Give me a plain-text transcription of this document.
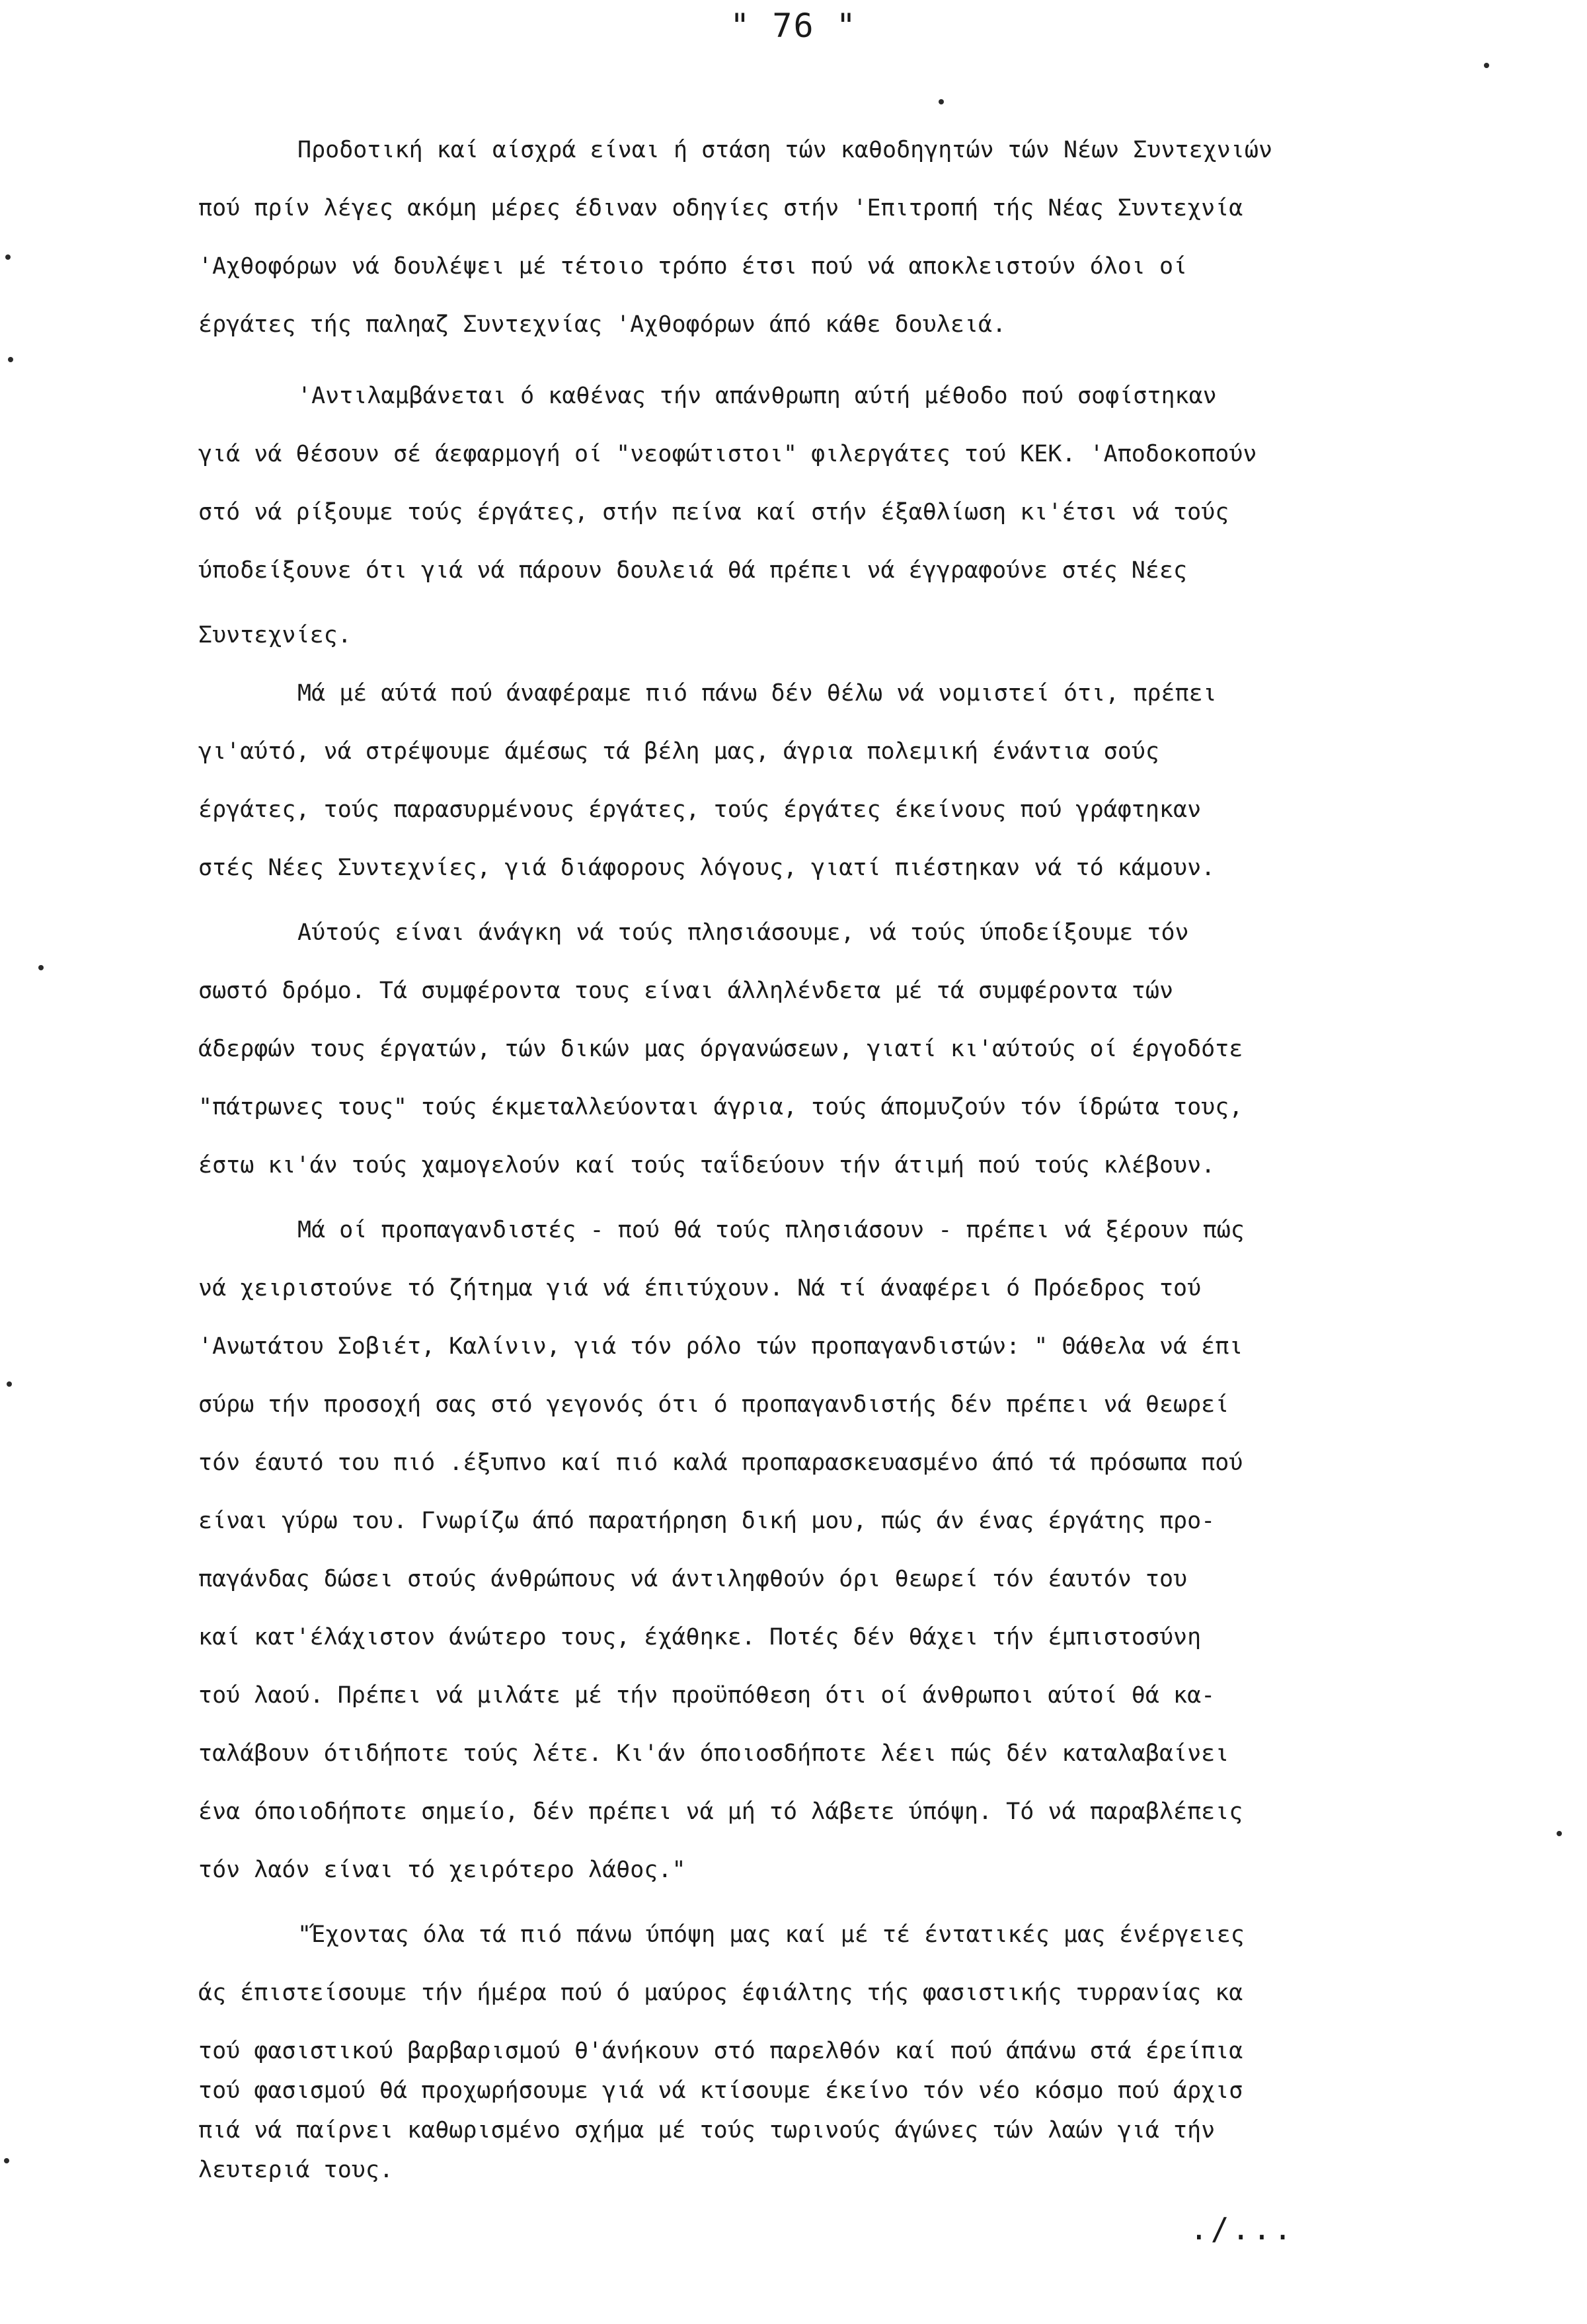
" 76 "
Προδοτική καί αίσχρά είναι ή στάση τών καθοδηγητών τών Νέων Συντεχνιών
πού πρίν λέγες ακόμη μέρες έδιναν οδηγίες στήν 'Επιτροπή τής Νέας Συντεχνία
'Αχθοφόρων νά δουλέψει μέ τέτοιο τρόπο έτσι πού νά αποκλειστούν όλοι οί
έργάτες τής παληαζ Συντεχνίας 'Αχθοφόρων άπό κάθε δουλειά.
'Αντιλαμβάνεται ό καθένας τήν απάνθρωπη αύτή μέθοδο πού σοφίστηκαν
γιά νά θέσουν σέ άεφαρμογή οί "νεοφώτιστοι" φιλεργάτες τού ΚΕΚ. 'Αποδοκοπούν
στό νά ρίξουμε τούς έργάτες, στήν πείνα καί στήν έξαθλίωση κι'έτσι νά τούς
ύποδείξουνε ότι γιά νά πάρουν δουλειά θά πρέπει νά έγγραφούνε στές Νέες
Συντεχνίες.
Μά μέ αύτά πού άναφέραμε πιό πάνω δέν θέλω νά νομιστεί ότι, πρέπει
γι'αύτό, νά στρέψουμε άμέσως τά βέλη μας, άγρια πολεμική ένάντια σούς
έργάτες, τούς παρασυρμένους έργάτες, τούς έργάτες έκείνους πού γράφτηκαν
στές Νέες Συντεχνίες, γιά διάφορους λόγους, γιατί πιέστηκαν νά τό κάμουν.
Αύτούς είναι άνάγκη νά τούς πλησιάσουμε, νά τούς ύποδείξουμε τόν
σωστό δρόμο. Τά συμφέροντα τους είναι άλληλένδετα μέ τά συμφέροντα τών
άδερφών τους έργατών, τών δικών μας όργανώσεων, γιατί κι'αύτούς οί έργοδότε
"πάτρωνες τους" τούς έκμεταλλεύονται άγρια, τούς άπομυζούν τόν ίδρώτα τους,
έστω κι'άν τούς χαμογελούν καί τούς ταΐδεύουν τήν άτιμή πού τούς κλέβουν.
Μά οί προπαγανδιστές - πού θά τούς πλησιάσουν - πρέπει νά ξέρουν πώς
νά χειριστούνε τό ζήτημα γιά νά έπιτύχουν. Νά τί άναφέρει ό Πρόεδρος τού
'Ανωτάτου Σοβιέτ, Καλίνιν, γιά τόν ρόλο τών προπαγανδιστών: " Θάθελα νά έπι
σύρω τήν προσοχή σας στό γεγονός ότι ό προπαγανδιστής δέν πρέπει νά θεωρεί
τόν έαυτό του πιό .έξυπνο καί πιό καλά προπαρασκευασμένο άπό τά πρόσωπα πού
είναι γύρω του. Γνωρίζω άπό παρατήρηση δική μου, πώς άν ένας έργάτης προ-
παγάνδας δώσει στούς άνθρώπους νά άντιληφθούν όρι θεωρεί τόν έαυτόν του
καί κατ'έλάχιστον άνώτερο τους, έχάθηκε. Ποτές δέν θάχει τήν έμπιστοσύνη
τού λαού. Πρέπει νά μιλάτε μέ τήν προϋπόθεση ότι οί άνθρωποι αύτοί θά κα-
ταλάβουν ότιδήποτε τούς λέτε. Κι'άν όποιοσδήποτε λέει πώς δέν καταλαβαίνει
ένα όποιοδήποτε σημείο, δέν πρέπει νά μή τό λάβετε ύπόψη. Τό νά παραβλέπεις
τόν λαόν είναι τό χειρότερο λάθος."
"Έχοντας όλα τά πιό πάνω ύπόψη μας καί μέ τέ έντατικές μας ένέργειες
άς έπιστείσουμε τήν ήμέρα πού ό μαύρος έφιάλτης τής φασιστικής τυρρανίας κα
τού φασιστικού βαρβαρισμού θ'άνήκουν στό παρελθόν καί πού άπάνω στά έρείπια
τού φασισμού θά προχωρήσουμε γιά νά κτίσουμε έκείνο τόν νέο κόσμο πού άρχισ
πιά νά παίρνει καθωρισμένο σχήμα μέ τούς τωρινούς άγώνες τών λαών γιά τήν
λευτεριά τους.
./...
